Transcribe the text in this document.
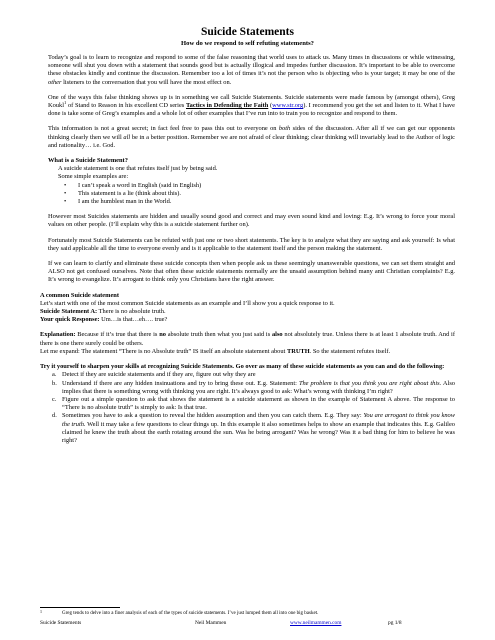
Suicide Statements
How do we respond to self refuting statements?

Today’s goal is to learn to recognize and respond to some of the false reasoning that world uses to attack us. Many times in discussions or while witnessing, someone will shut you down with a statement that sounds good but is actually illogical and impedes further discussion. It’s important to be able to overcome these obstacles kindly and continue the discussion. Remember too a lot of times it’s not the person who is objecting who is your target; it may be one of the other listeners to the conversation that you will have the most effect on.

One of the ways this false thinking shows up is in something we call Suicide Statements. Suicide statements were made famous by (amongst others), Greg Koukl$^1$ of Stand to Reason in his excellent CD series Tactics in Defending the Faith (www.str.org). I recommend you get the set and listen to it. What I have done is take some of Greg’s examples and a whole lot of other examples that I’ve run into to train you to recognize and respond to them.

This information is not a great secret; in fact feel free to pass this out to everyone on both sides of the discussion. After all if we can get our opponents thinking clearly then we will all be in a better position. Remember we are not afraid of clear thinking; clear thinking will invariably lead to the Author of logic and rationality… i.e. God.

What is a Suicide Statement?
A suicide statement is one that refutes itself just by being said.
Some simple examples are:
• I can’t speak a word in English (said in English)
• This statement is a lie (think about this).
• I am the humblest man in the World.

However most Suicides statements are hidden and usually sound good and correct and may even sound kind and loving: E.g. It’s wrong to force your moral values on other people. (I’ll explain why this is a suicide statement further on).

Fortunately most Suicide Statements can be refuted with just one or two short statements. The key is to analyze what they are saying and ask yourself: Is what they said applicable all the time to everyone evenly and is it applicable to the statement itself and the person making the statement.

If we can learn to clarify and eliminate these suicide concepts then when people ask us these seemingly unanswerable questions, we can set them straight and ALSO not get confused ourselves. Note that often these suicide statements normally are the unsaid assumption behind many anti Christian complaints? E.g. It’s wrong to evangelize. It’s arrogant to think only you Christians have the right answer.

A common Suicide statement
Let’s start with one of the most common Suicide statements as an example and I’ll show you a quick response to it.
Suicide Statement A: There is no absolute truth.
Your quick Response: Um…is that…eh…. true?
Explanation: Because if it’s true that there is no absolute truth then what you just said is also not absolutely true. Unless there is at least 1 absolute truth. And if there is one there surely could be others.
Let me expand: The statement “There is no Absolute truth” IS itself an absolute statement about TRUTH. So the statement refutes itself.
Try it yourself to sharpen your skills at recognizing Suicide Statements. Go over as many of these suicide statements as you can and do the following:
a. Detect if they are suicide statements and if they are, figure out why they are
b. Understand if there are any hidden insinuations and try to bring these out. E.g. Statement: The problem is that you think you are right about this. Also implies that there is something wrong with thinking you are right. It’s always good to ask: What’s wrong with thinking I’m right?
c. Figure out a simple question to ask that shows the statement is a suicide statement as shown in the example of Statement A above. The response to “There is no absolute truth” is simply to ask: Is that true.
d. Sometimes you have to ask a question to reveal the hidden assumption and then you can catch them. E.g. They say: You are arrogant to think you know the truth. Well it may take a few questions to clear things up. In this example it also sometimes helps to show an example that indicates this. E.g. Galileo claimed he knew the truth about the earth rotating around the sun. Was he being arrogant? Was he wrong? Was it a bad thing for him to believe he was right?
1	Greg tends to delve into a finer analysis of each of the types of suicide statements. I’ve just lumped them all into one big basket.
Suicide Statements	Neil Mammen	www.neilmammen.com	pg 1/8
